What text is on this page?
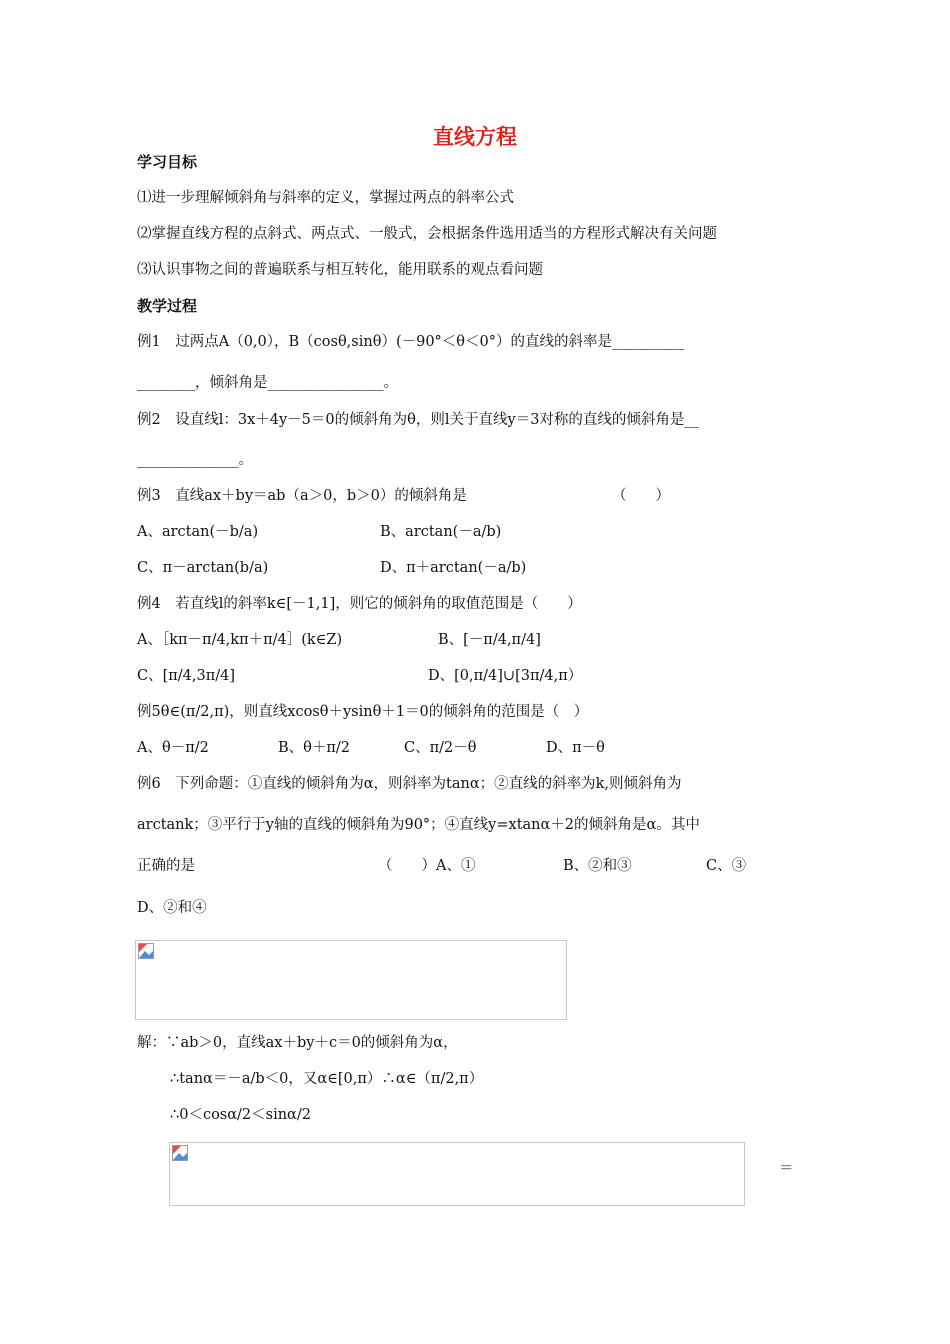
直线方程
学习目标
⑴进一步理解倾斜角与斜率的定义，掌握过两点的斜率公式
⑵掌握直线方程的点斜式、两点式、一般式，会根据条件选用适当的方程形式解决有关问题
⑶认识事物之间的普遍联系与相互转化，能用联系的观点看问题
教学过程
例1　过两点A（0,0），B（cosθ,sinθ）(－90°＜θ＜0°）的直线的斜率是__________
________，倾斜角是________________。
例2　设直线l：3x＋4y－5＝0的倾斜角为θ，则l关于直线y＝3对称的直线的倾斜角是__
______________。
例3　直线ax＋by＝ab（a＞0，b＞0）的倾斜角是	（　　）
A、arctan(－b/a)	B、arctan(－a/b)
C、π－arctan(b/a)	D、π＋arctan(－a/b)
例4　若直线l的斜率k∈[－1,1]，则它的倾斜角的取值范围是（　　）
A、［kπ－π/4,kπ＋π/4］(k∈Z)	B、[－π/4,π/4]
C、[π/4,3π/4]	D、[0,π/4]∪[3π/4,π）
例5θ∈(π/2,π)，则直线xcosθ＋ysinθ＋1＝0的倾斜角的范围是（　）
A、θ－π/2	B、θ＋π/2	C、π/2－θ	D、π－θ
例6　下列命题：①直线的倾斜角为α，则斜率为tanα；②直线的斜率为k,则倾斜角为
arctank；③平行于y轴的直线的倾斜角为90°；④直线y=xtanα＋2的倾斜角是α。其中
正确的是	（　　）A、①	B、②和③	C、③
D、②和④
解：∵ab＞0，直线ax＋by＋c＝0的倾斜角为α，
∴tanα＝－a/b＜0，又α∈[0,π）∴α∈（π/2,π）
∴0＜cosα/2＜sinα/2
＝
